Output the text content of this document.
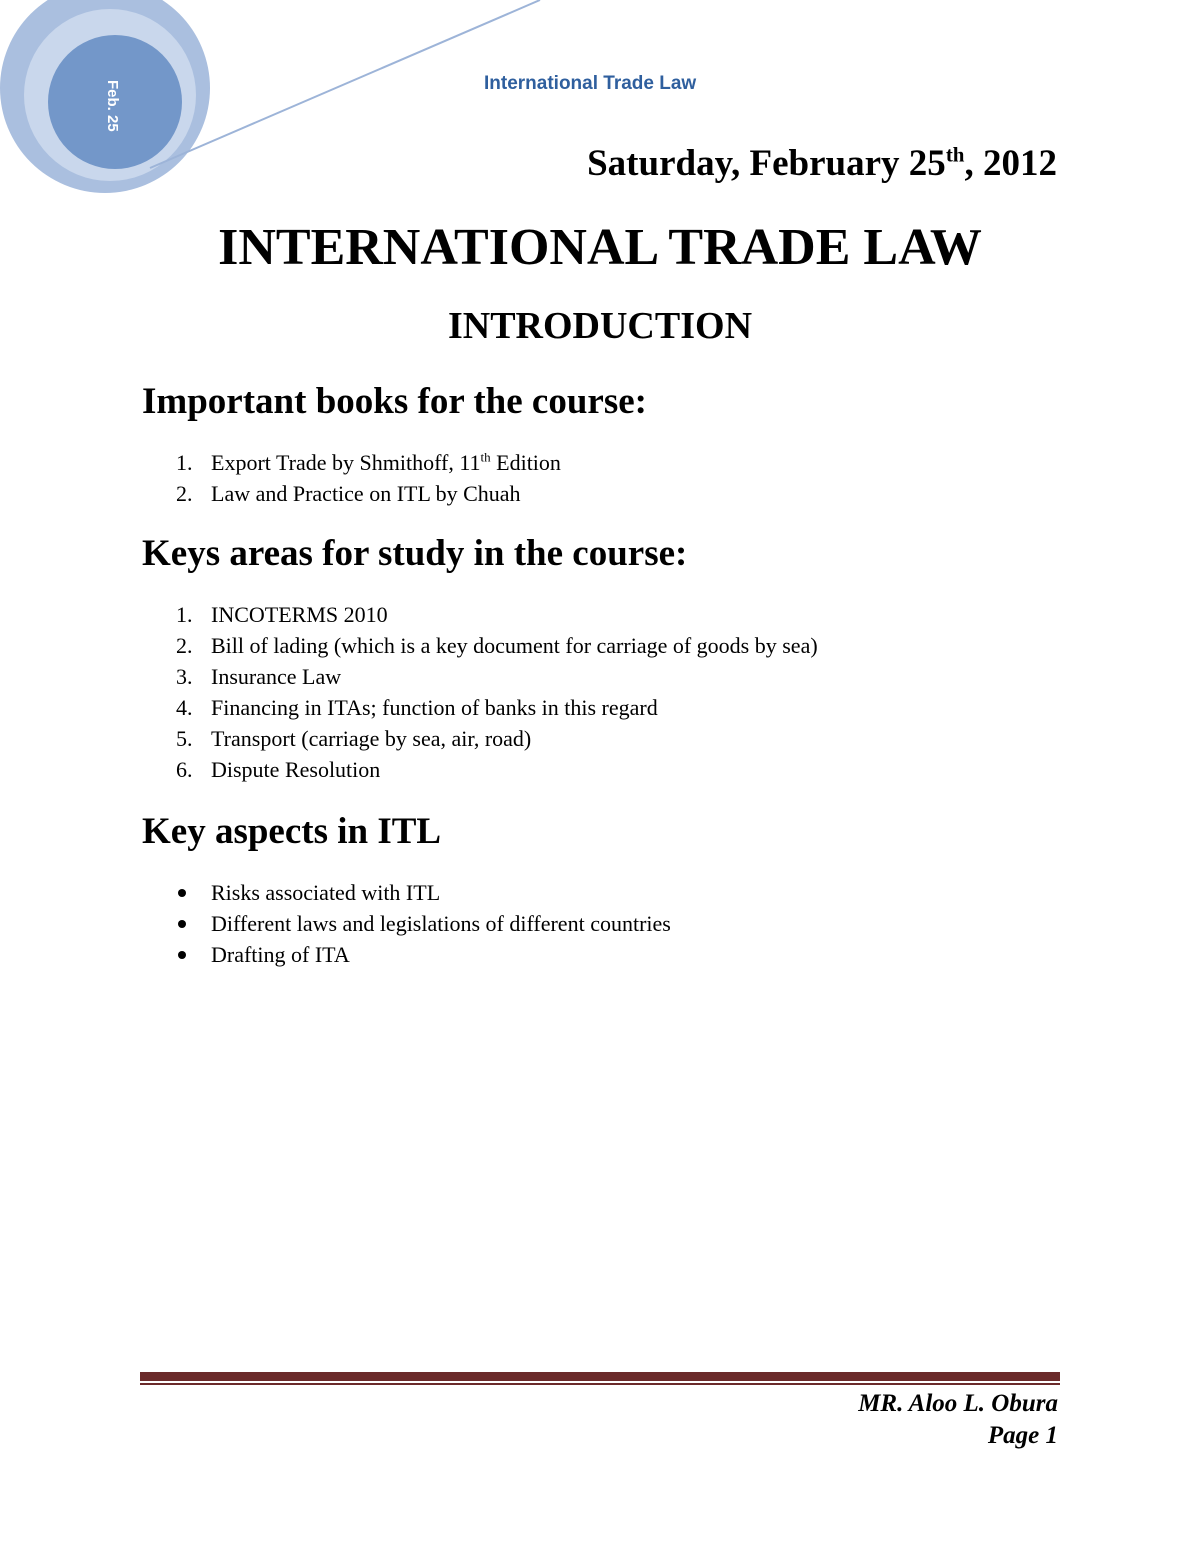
Feb. 25	International Trade Law
Saturday, February 25th, 2012
INTERNATIONAL TRADE LAW
INTRODUCTION
Important books for the course:
1. Export Trade by Shmithoff, 11th Edition
2. Law and Practice on ITL by Chuah
Keys areas for study in the course:
1. INCOTERMS 2010
2. Bill of lading (which is a key document for carriage of goods by sea)
3. Insurance Law
4. Financing in ITAs; function of banks in this regard
5. Transport (carriage by sea, air, road)
6. Dispute Resolution
Key aspects in ITL
Risks associated with ITL
Different laws and legislations of different countries
Drafting of ITA
MR. Aloo L. Obura
Page 1
